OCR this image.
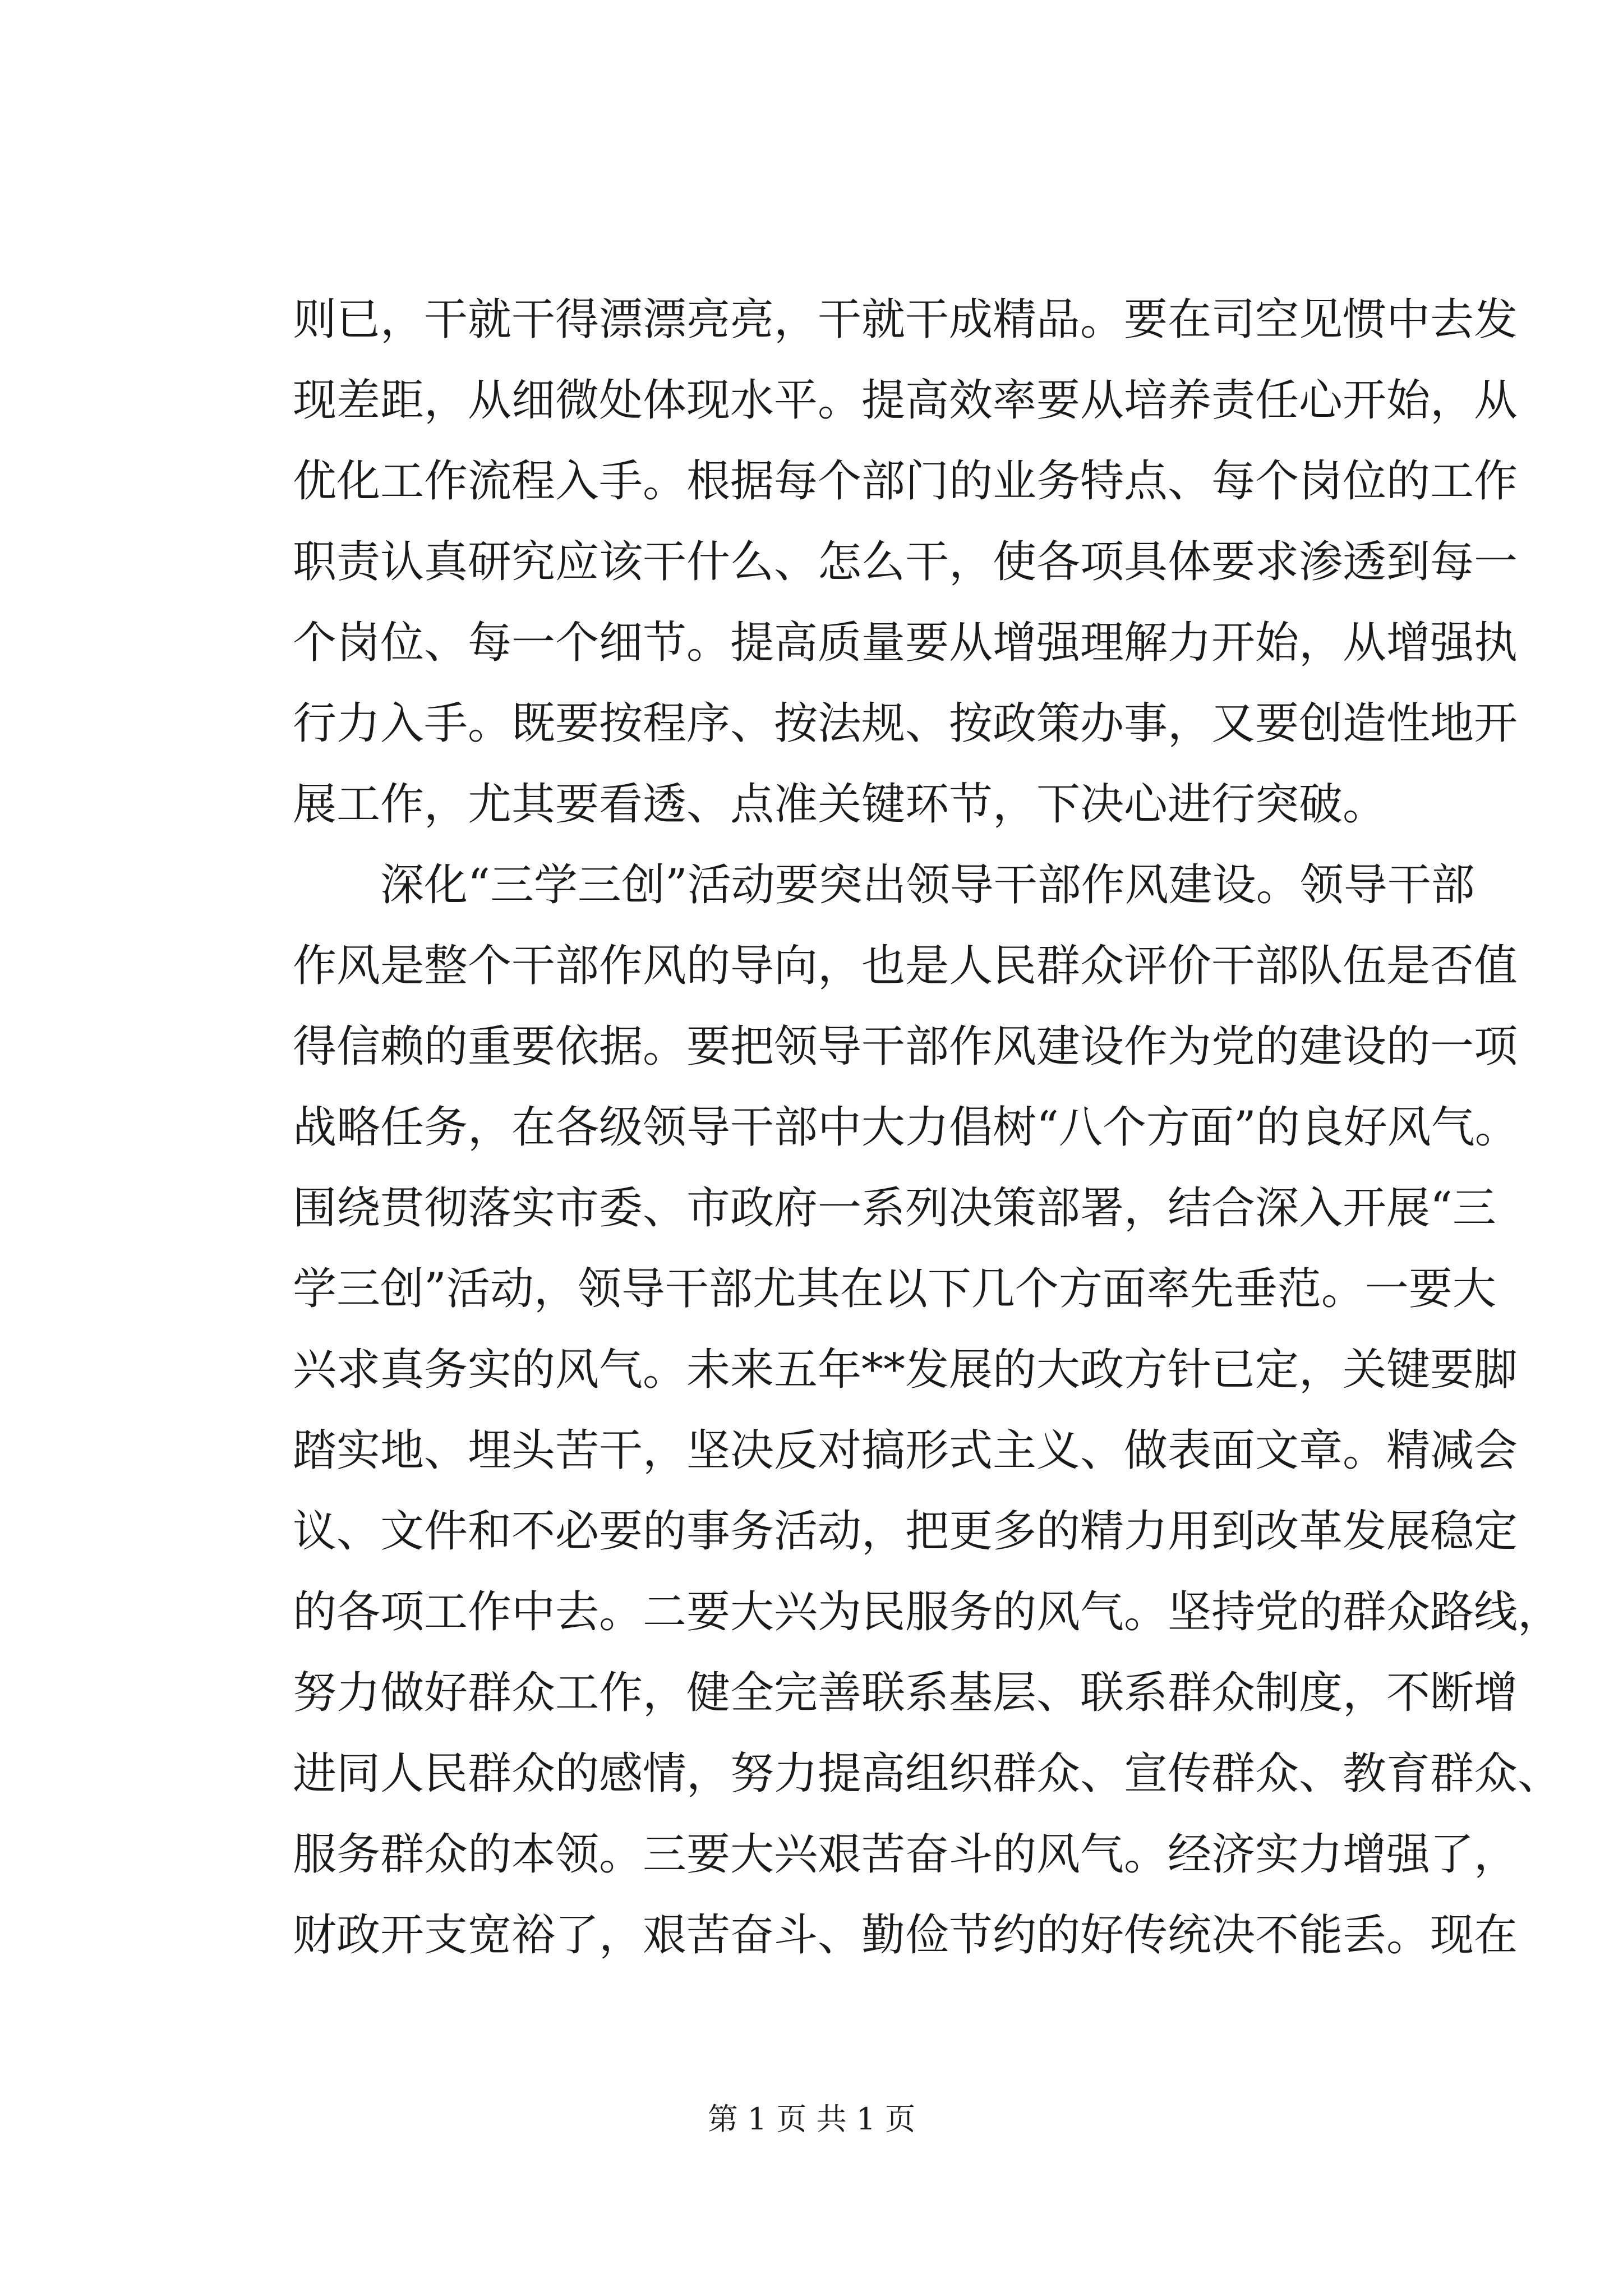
则已，干就干得漂漂亮亮，干就干成精品。要在司空见惯中去发
现差距，从细微处体现水平。提高效率要从培养责任心开始，从
优化工作流程入手。根据每个部门的业务特点、每个岗位的工作
职责认真研究应该干什么、怎么干，使各项具体要求渗透到每一
个岗位、每一个细节。提高质量要从增强理解力开始，从增强执
行力入手。既要按程序、按法规、按政策办事，又要创造性地开
展工作，尤其要看透、点准关键环节，下决心进行突破。
深化“三学三创”活动要突出领导干部作风建设。领导干部
作风是整个干部作风的导向，也是人民群众评价干部队伍是否值
得信赖的重要依据。要把领导干部作风建设作为党的建设的一项
战略任务，在各级领导干部中大力倡树“八个方面”的良好风气。
围绕贯彻落实市委、市政府一系列决策部署，结合深入开展“三
学三创”活动，领导干部尤其在以下几个方面率先垂范。一要大
兴求真务实的风气。未来五年**发展的大政方针已定，关键要脚
踏实地、埋头苦干，坚决反对搞形式主义、做表面文章。精减会
议、文件和不必要的事务活动，把更多的精力用到改革发展稳定
的各项工作中去。二要大兴为民服务的风气。坚持党的群众路线，
努力做好群众工作，健全完善联系基层、联系群众制度，不断增
进同人民群众的感情，努力提高组织群众、宣传群众、教育群众、
服务群众的本领。三要大兴艰苦奋斗的风气。经济实力增强了，
财政开支宽裕了，艰苦奋斗、勤俭节约的好传统决不能丢。现在
第 1 页 共 1 页
